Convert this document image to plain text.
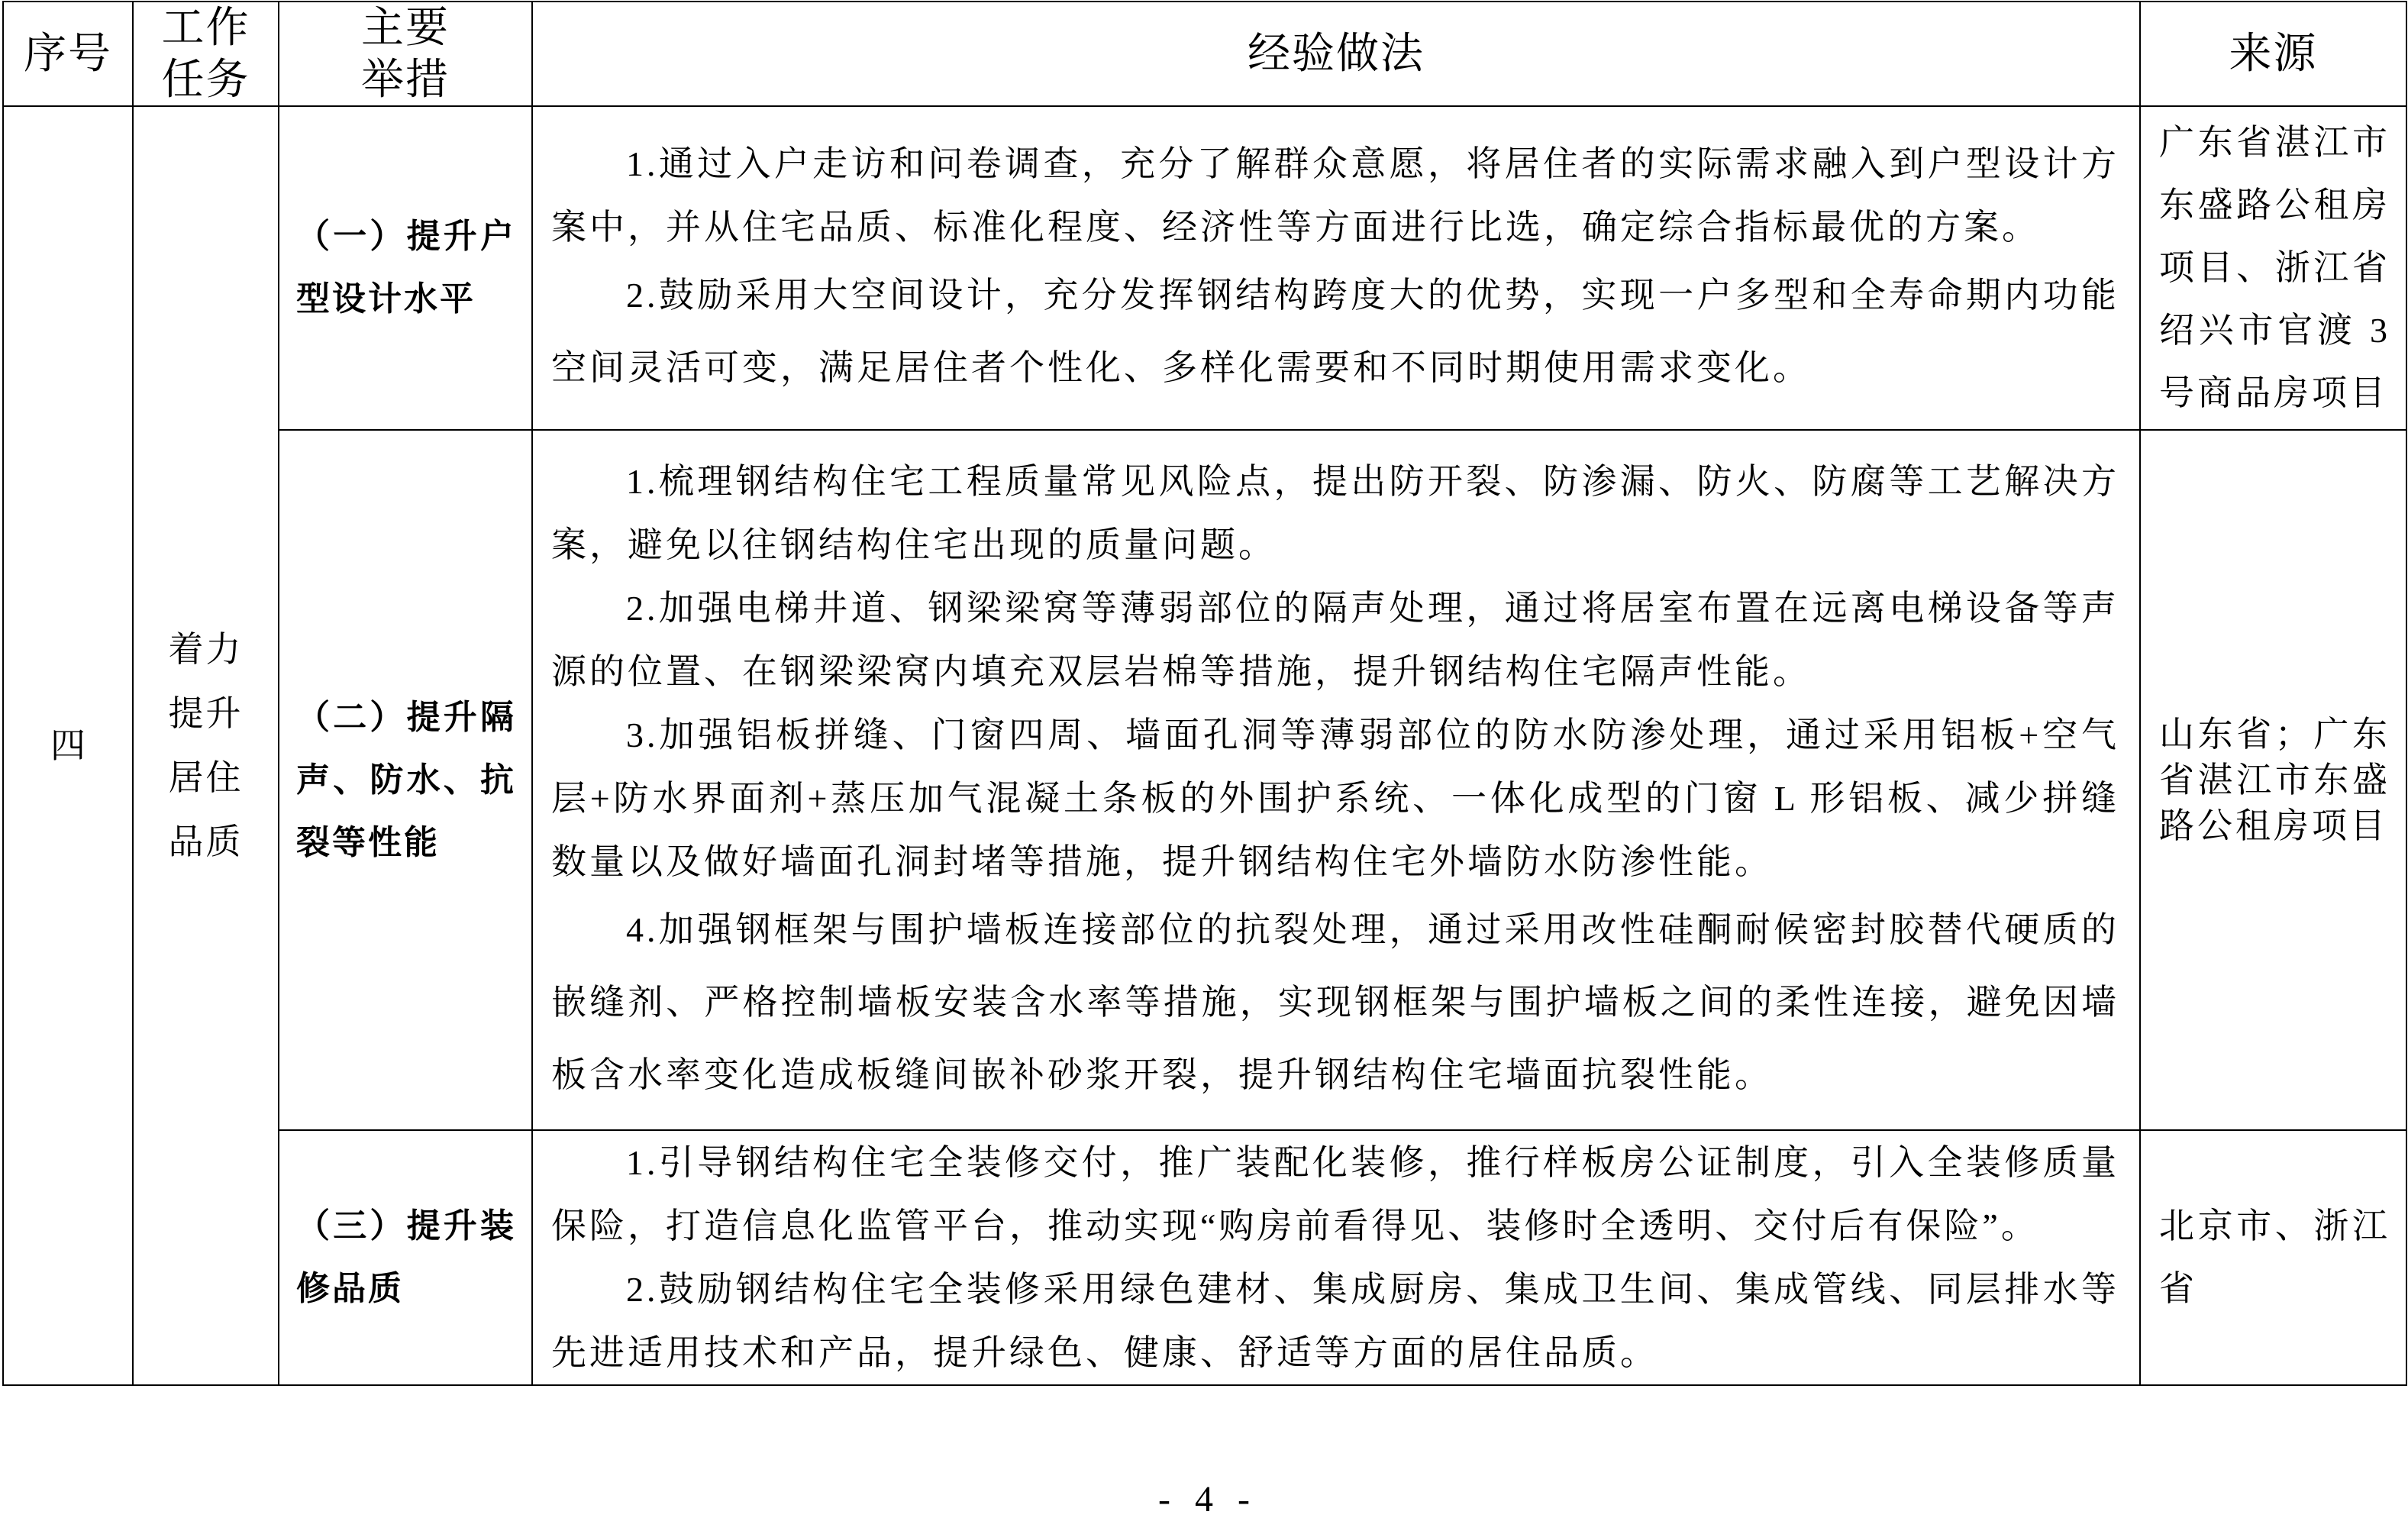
序号	工作任务	主要举措	经验做法	来源

四	着力提升居住品质	（一）提升户型设计水平	1.通过入户走访和问卷调查，充分了解群众意愿，将居住者的实际需求融入到户型设计方案中，并从住宅品质、标准化程度、经济性等方面进行比选，确定综合指标最优的方案。

2.鼓励采用大空间设计，充分发挥钢结构跨度大的优势，实现一户多型和全寿命期内功能空间灵活可变，满足居住者个性化、多样化需要和不同时期使用需求变化。	广东省湛江市东盛路公租房项目、浙江省绍兴市官渡 3 号商品房项目

		（二）提升隔声、防水、抗裂等性能	1.梳理钢结构住宅工程质量常见风险点，提出防开裂、防渗漏、防火、防腐等工艺解决方案，避免以往钢结构住宅出现的质量问题。

2.加强电梯井道、钢梁梁窝等薄弱部位的隔声处理，通过将居室布置在远离电梯设备等声源的位置、在钢梁梁窝内填充双层岩棉等措施，提升钢结构住宅隔声性能。

3.加强铝板拼缝、门窗四周、墙面孔洞等薄弱部位的防水防渗处理，通过采用铝板+空气层+防水界面剂+蒸压加气混凝土条板的外围护系统、一体化成型的门窗 L 形铝板、减少拼缝数量以及做好墙面孔洞封堵等措施，提升钢结构住宅外墙防水防渗性能。

4.加强钢框架与围护墙板连接部位的抗裂处理，通过采用改性硅酮耐候密封胶替代硬质的嵌缝剂、严格控制墙板安装含水率等措施，实现钢框架与围护墙板之间的柔性连接，避免因墙板含水率变化造成板缝间嵌补砂浆开裂，提升钢结构住宅墙面抗裂性能。	山东省；广东省湛江市东盛路公租房项目

		（三）提升装修品质	1.引导钢结构住宅全装修交付，推广装配化装修，推行样板房公证制度，引入全装修质量保险，打造信息化监管平台，推动实现“购房前看得见、装修时全透明、交付后有保险”。

2.鼓励钢结构住宅全装修采用绿色建材、集成厨房、集成卫生间、集成管线、同层排水等先进适用技术和产品，提升绿色、健康、舒适等方面的居住品质。	北京市、浙江省
- 4 -
